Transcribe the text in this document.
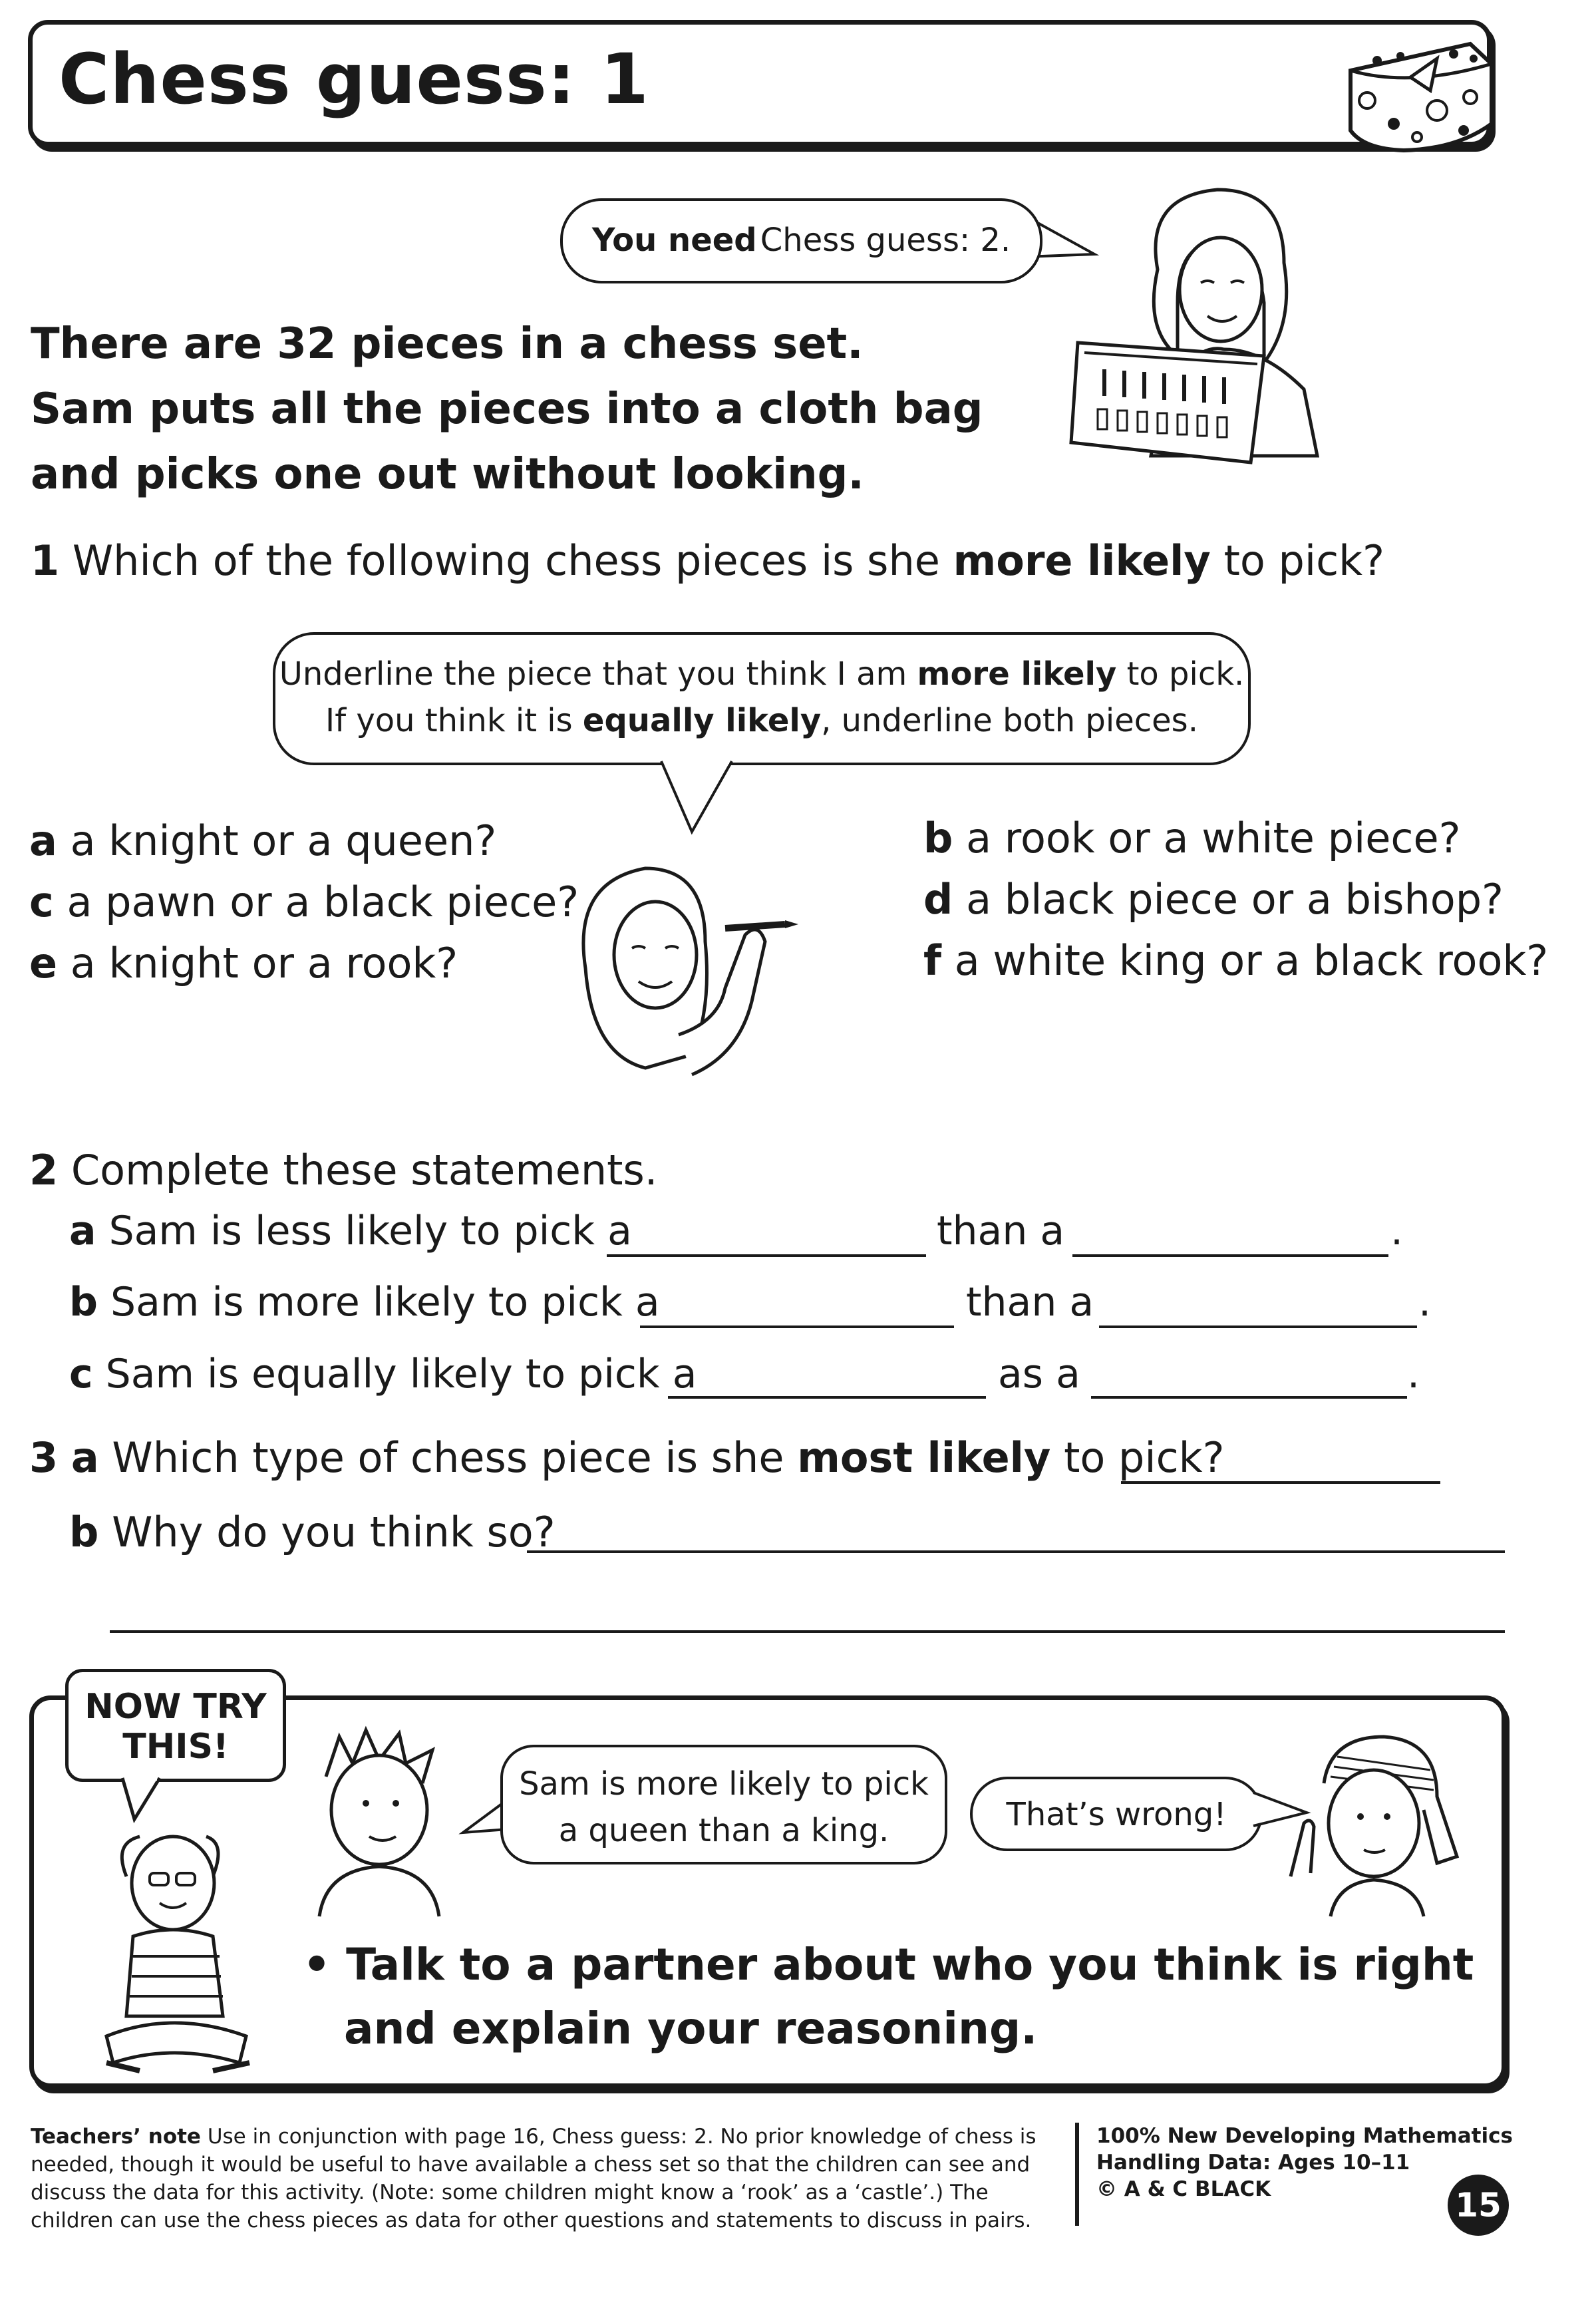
Chess guess: 1
You need Chess guess: 2.
There are 32 pieces in a chess set.
Sam puts all the pieces into a cloth bag
and picks one out without looking.
1 Which of the following chess pieces is she more likely to pick?
Underline the piece that you think I am more likely to pick.
If you think it is equally likely, underline both pieces.
a a knight or a queen?
c a pawn or a black piece?
e a knight or a rook?
b a rook or a white piece?
d a black piece or a bishop?
f a white king or a black rook?
2 Complete these statements.
a Sam is less likely to pick a	than a	.
b Sam is more likely to pick a	than a	.
c Sam is equally likely to pick a	as a	.
3 a Which type of chess piece is she most likely to pick?
b Why do you think so?
NOW TRY
THIS!
Sam is more likely to pick
a queen than a king.	That’s wrong!
• Talk to a partner about who you think is right
and explain your reasoning.
Teachers’ note Use in conjunction with page 16, Chess guess: 2. No prior knowledge of chess is needed, though it would be useful to have available a chess set so that the children can see and discuss the data for this activity. (Note: some children might know a ‘rook’ as a ‘castle’.) The children can use the chess pieces as data for other questions and statements to discuss in pairs.
100% New Developing Mathematics
Handling Data: Ages 10–11
© A & C BLACK	15
